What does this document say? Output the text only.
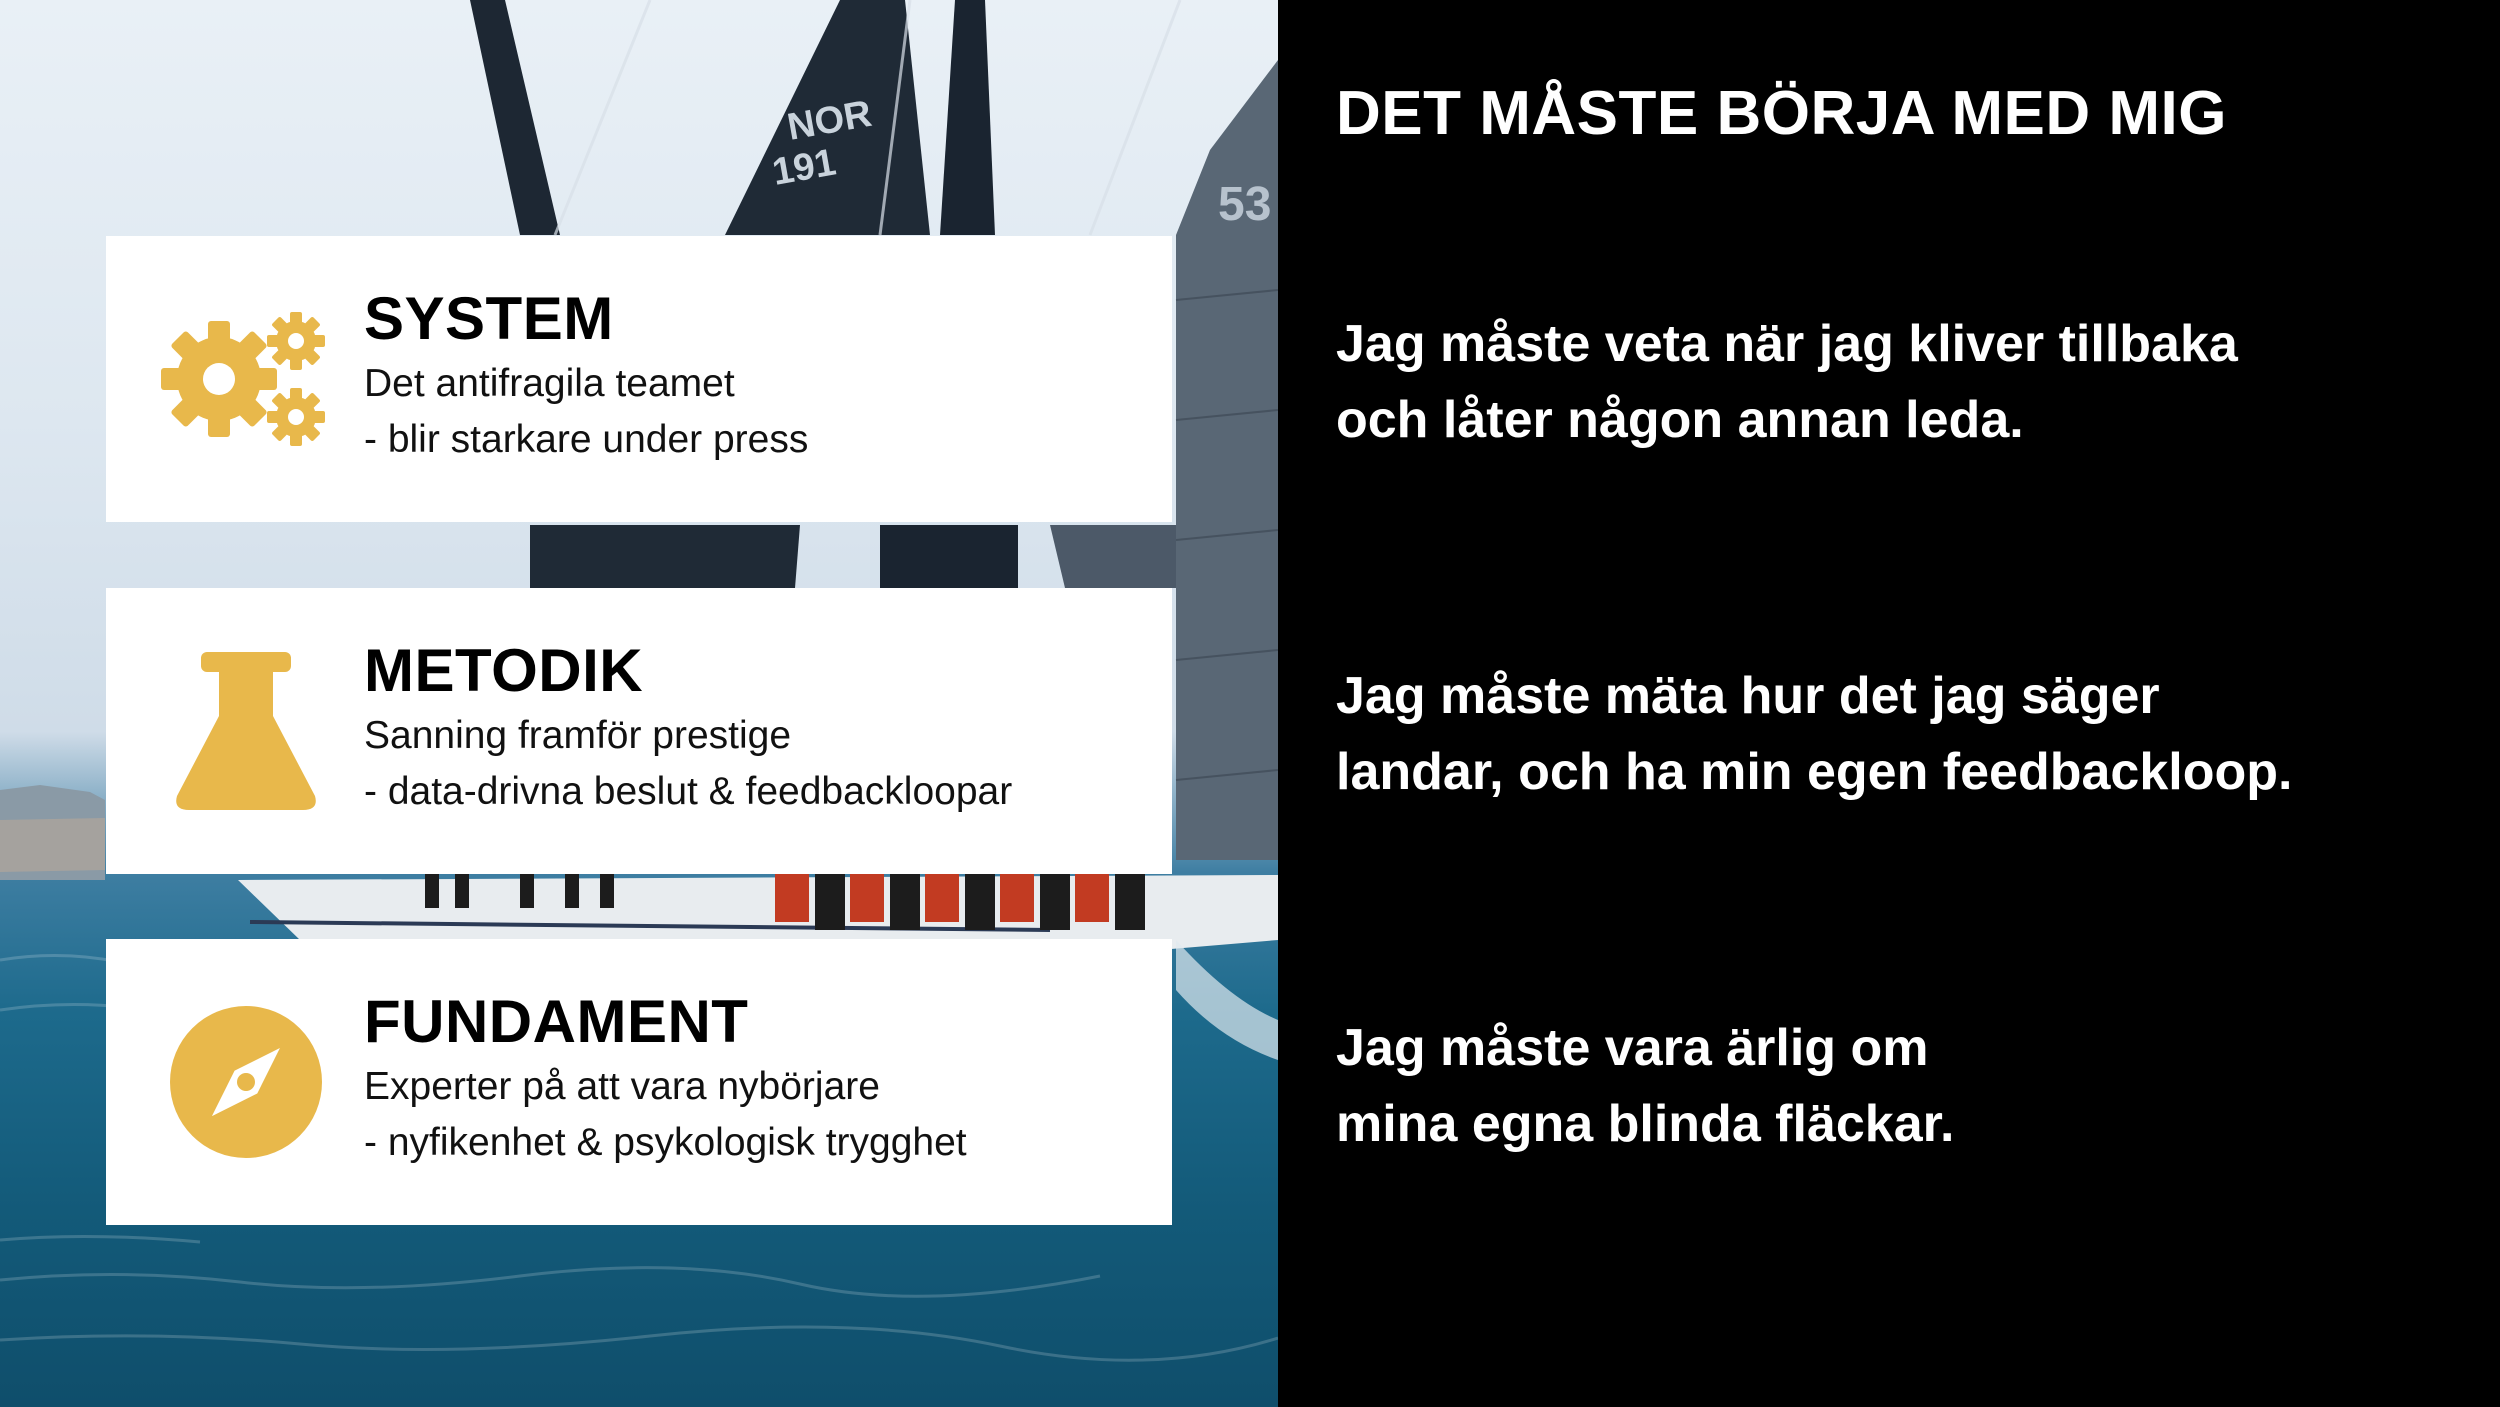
NOR
191
53
SYSTEM
Det antifragila teamet
- blir starkare under press
METODIK
Sanning framför prestige
- data-drivna beslut & feedbackloopar
FUNDAMENT
Experter på att vara nybörjare
- nyfikenhet & psykologisk trygghet
DET MÅSTE BÖRJA MED MIG
Jag måste veta när jag kliver tillbaka
och låter någon annan leda.
Jag måste mäta hur det jag säger
landar, och ha min egen feedbackloop.
Jag måste vara ärlig om
mina egna blinda fläckar.
